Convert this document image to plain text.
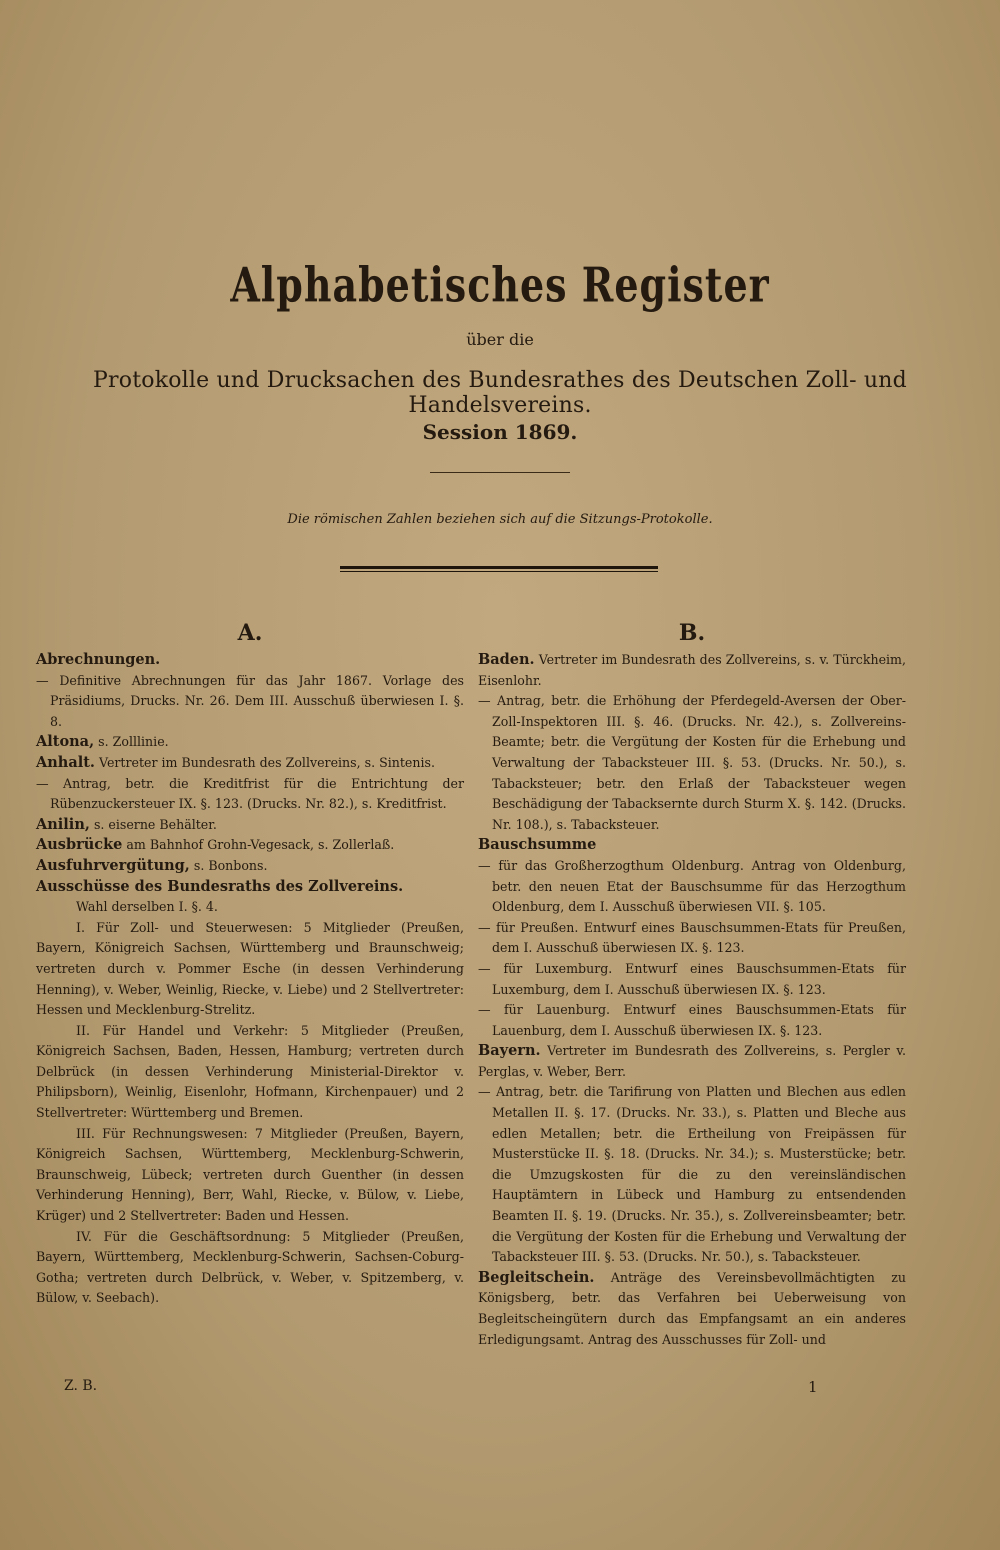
Alphabetisches Register
über die
Protokolle und Drucksachen des Bundesrathes des Deutschen Zoll- und Handelsvereins.
Session 1869.
Die römischen Zahlen beziehen sich auf die Sitzungs-Protokolle.
A.

Abrechnungen.

— Definitive Abrechnungen für das Jahr 1867. Vorlage des Präsidiums, Drucks. Nr. 26. Dem III. Ausschuß überwiesen I. §. 8.

Altona, s. Zolllinie.

Anhalt. Vertreter im Bundesrath des Zollvereins, s. Sintenis.

— Antrag, betr. die Kreditfrist für die Entrichtung der Rübenzuckersteuer IX. §. 123. (Drucks. Nr. 82.), s. Kreditfrist.

Anilin, s. eiserne Behälter.

Ausbrücke am Bahnhof Grohn-Vegesack, s. Zollerlaß.

Ausfuhrvergütung, s. Bonbons.

Ausschüsse des Bundesraths des Zollvereins.

Wahl derselben I. §. 4.

I. Für Zoll- und Steuerwesen: 5 Mitglieder (Preußen, Bayern, Königreich Sachsen, Württemberg und Braunschweig; vertreten durch v. Pommer Esche (in dessen Verhinderung Henning), v. Weber, Weinlig, Riecke, v. Liebe) und 2 Stellvertreter: Hessen und Mecklenburg-Strelitz.

II. Für Handel und Verkehr: 5 Mitglieder (Preußen, Königreich Sachsen, Baden, Hessen, Hamburg; vertreten durch Delbrück (in dessen Verhinderung Ministerial-Direktor v. Philipsborn), Weinlig, Eisenlohr, Hofmann, Kirchenpauer) und 2 Stellvertreter: Württemberg und Bremen.

III. Für Rechnungswesen: 7 Mitglieder (Preußen, Bayern, Königreich Sachsen, Württemberg, Mecklenburg-Schwerin, Braunschweig, Lübeck; vertreten durch Guenther (in dessen Verhinderung Henning), Berr, Wahl, Riecke, v. Bülow, v. Liebe, Krüger) und 2 Stellvertreter: Baden und Hessen.

IV. Für die Geschäftsordnung: 5 Mitglieder (Preußen, Bayern, Württemberg, Mecklenburg-Schwerin, Sachsen-Coburg-Gotha; vertreten durch Delbrück, v. Weber, v. Spitzemberg, v. Bülow, v. Seebach).

B.

Baden. Vertreter im Bundesrath des Zollvereins, s. v. Türckheim, Eisenlohr.

— Antrag, betr. die Erhöhung der Pferdegeld-Aversen der Ober-Zoll-Inspektoren III. §. 46. (Drucks. Nr. 42.), s. Zollvereins-Beamte; betr. die Vergütung der Kosten für die Erhebung und Verwaltung der Tabacksteuer III. §. 53. (Drucks. Nr. 50.), s. Tabacksteuer; betr. den Erlaß der Tabacksteuer wegen Beschädigung der Tabacksernte durch Sturm X. §. 142. (Drucks. Nr. 108.), s. Tabacksteuer.

Bauschsumme

— für das Großherzogthum Oldenburg. Antrag von Oldenburg, betr. den neuen Etat der Bauschsumme für das Herzogthum Oldenburg, dem I. Ausschuß überwiesen VII. §. 105.

— für Preußen. Entwurf eines Bauschsummen-Etats für Preußen, dem I. Ausschuß überwiesen IX. §. 123.

— für Luxemburg. Entwurf eines Bauschsummen-Etats für Luxemburg, dem I. Ausschuß überwiesen IX. §. 123.

— für Lauenburg. Entwurf eines Bauschsummen-Etats für Lauenburg, dem I. Ausschuß überwiesen IX. §. 123.

Bayern. Vertreter im Bundesrath des Zollvereins, s. Pergler v. Perglas, v. Weber, Berr.

— Antrag, betr. die Tarifirung von Platten und Blechen aus edlen Metallen II. §. 17. (Drucks. Nr. 33.), s. Platten und Bleche aus edlen Metallen; betr. die Ertheilung von Freipässen für Musterstücke II. §. 18. (Drucks. Nr. 34.); s. Musterstücke; betr. die Umzugskosten für die zu den vereinsländischen Hauptämtern in Lübeck und Hamburg zu entsendenden Beamten II. §. 19. (Drucks. Nr. 35.), s. Zollvereinsbeamter; betr. die Vergütung der Kosten für die Erhebung und Verwaltung der Tabacksteuer III. §. 53. (Drucks. Nr. 50.), s. Tabacksteuer.

Begleitschein. Anträge des Vereinsbevollmächtigten zu Königsberg, betr. das Verfahren bei Ueberweisung von Begleitscheingütern durch das Empfangsamt an ein anderes Erledigungsamt. Antrag des Ausschusses für Zoll- und

Z. B.	1
